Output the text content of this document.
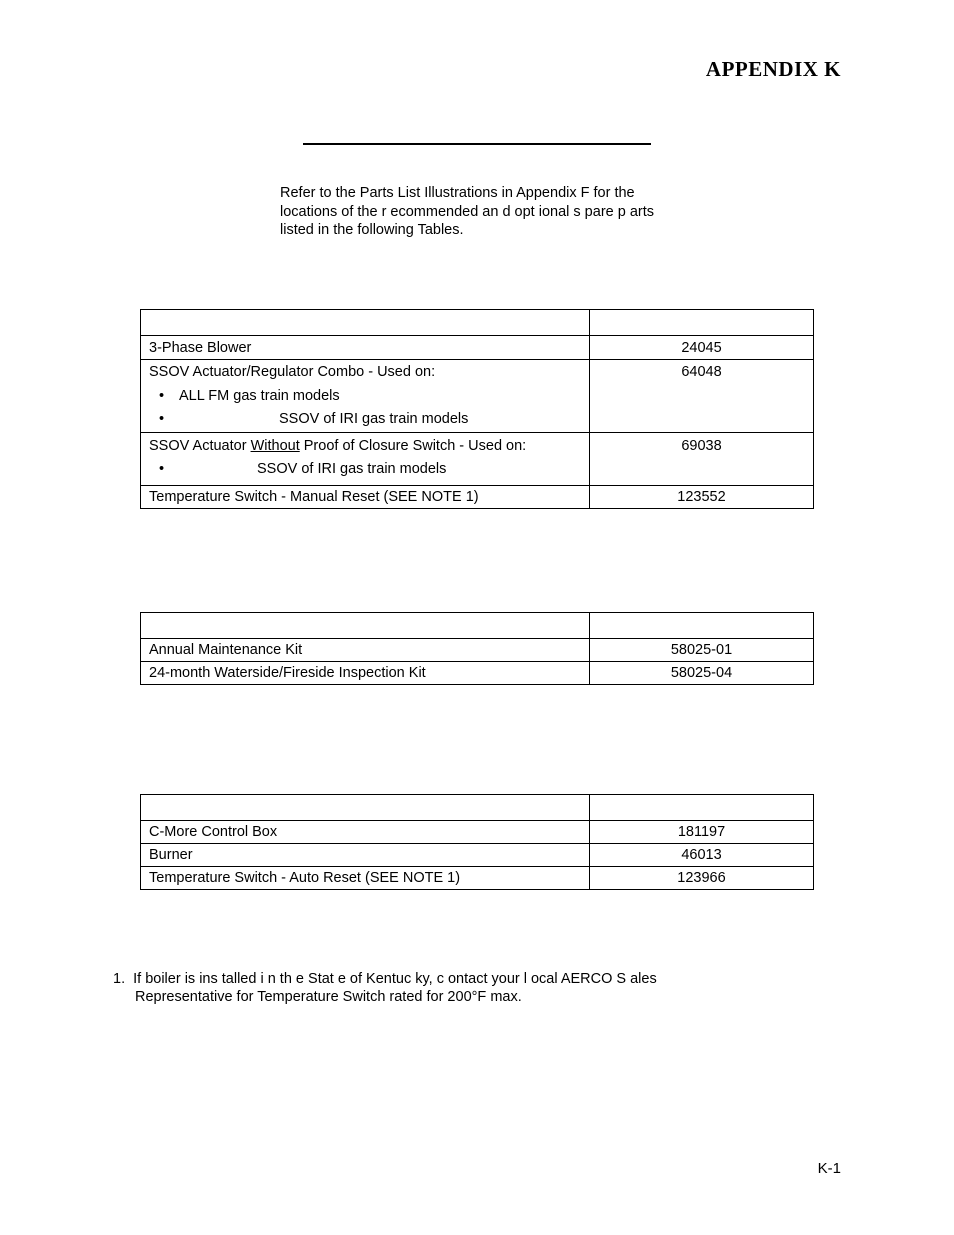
APPENDIX K
Refer to the Parts List Illustrations in Appendix F for the
locations of the r ecommended an d opt ional s pare p arts
listed in the following Tables.

3-Phase Blower	24045

SSOV Actuator/Regulator Combo - Used on:
• ALL FM gas train models
• SSOV of IRI gas train models	64048

SSOV Actuator Without Proof of Closure Switch - Used on:
• SSOV of IRI gas train models	69038
Temperature Switch - Manual Reset (SEE NOTE 1)	123552

Annual Maintenance Kit	58025-01
24-month Waterside/Fireside Inspection Kit	58025-04

C-More Control Box	181197
Burner	46013
Temperature Switch - Auto Reset (SEE NOTE 1)	123966
1. If boiler is ins talled i n th e Stat e of Kentuc ky, c ontact your l ocal AERCO S ales
Representative for Temperature Switch rated for 200°F max.
K-1
